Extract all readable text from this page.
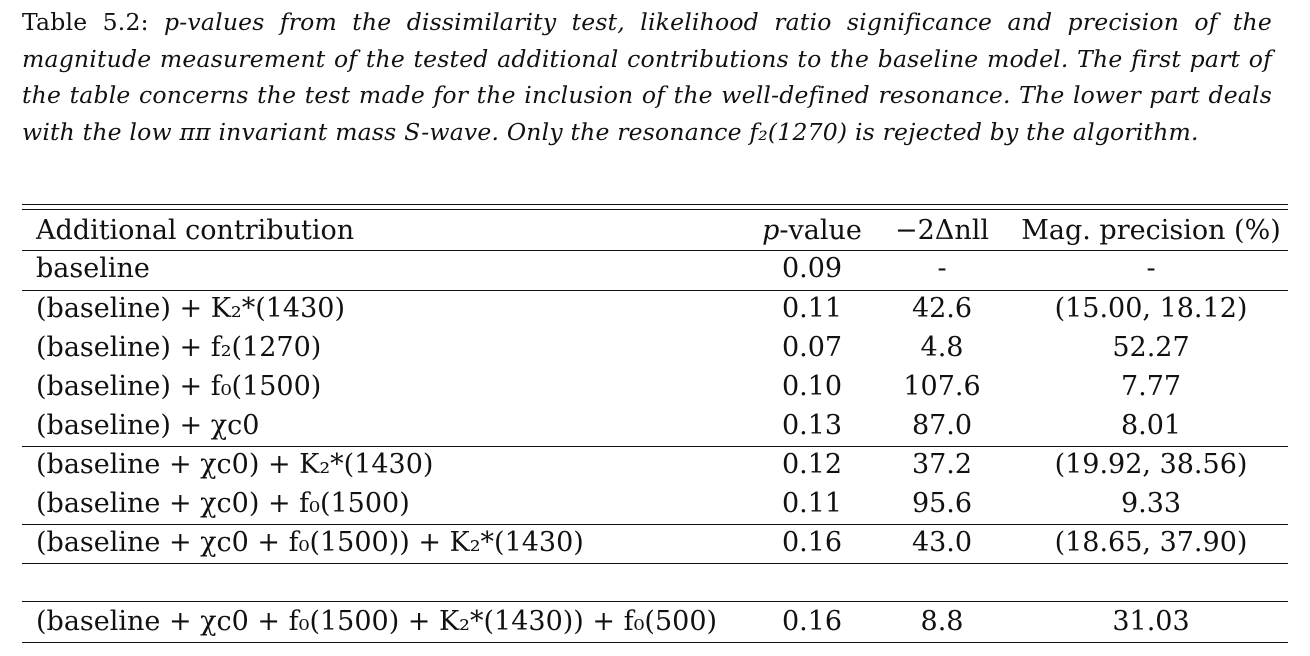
Table 5.2: p-values from the dissimilarity test, likelihood ratio significance and precision of the magnitude measurement of the tested additional contributions to the baseline model. The first part of the table concerns the test made for the inclusion of the well-defined resonance. The lower part deals with the low ππ invariant mass S-wave. Only the resonance f₂(1270) is rejected by the algorithm.
Additional contribution	p-value	−2Δnll	Mag. precision (%)
baseline	0.09	-	-
(baseline) + K₂*(1430)	0.11	42.6	(15.00, 18.12)
(baseline) + f₂(1270)	0.07	4.8	52.27
(baseline) + f₀(1500)	0.10	107.6	7.77
(baseline) + χc0	0.13	87.0	8.01
(baseline + χc0) + K₂*(1430)	0.12	37.2	(19.92, 38.56)
(baseline + χc0) + f₀(1500)	0.11	95.6	9.33
(baseline + χc0 + f₀(1500)) + K₂*(1430)	0.16	43.0	(18.65, 37.90)
(baseline + χc0 + f₀(1500) + K₂*(1430)) + f₀(500)	0.16	8.8	31.03
